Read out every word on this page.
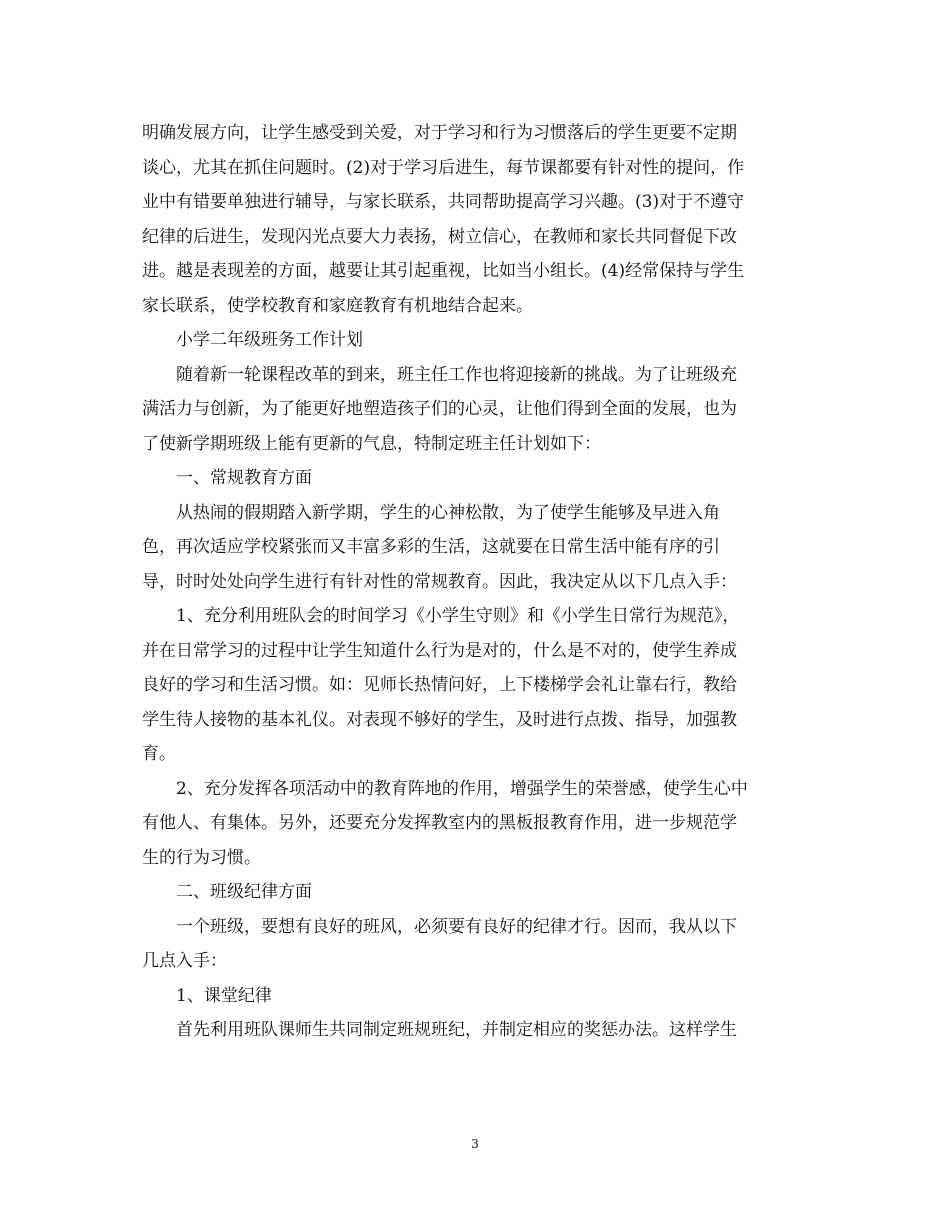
明确发展方向，让学生感受到关爱，对于学习和行为习惯落后的学生更要不定期
谈心，尤其在抓住问题时。(2)对于学习后进生，每节课都要有针对性的提问，作
业中有错要单独进行辅导，与家长联系，共同帮助提高学习兴趣。(3)对于不遵守
纪律的后进生，发现闪光点要大力表扬，树立信心，在教师和家长共同督促下改
进。越是表现差的方面，越要让其引起重视，比如当小组长。(4)经常保持与学生
家长联系，使学校教育和家庭教育有机地结合起来。
小学二年级班务工作计划
随着新一轮课程改革的到来，班主任工作也将迎接新的挑战。为了让班级充
满活力与创新，为了能更好地塑造孩子们的心灵，让他们得到全面的发展，也为
了使新学期班级上能有更新的气息，特制定班主任计划如下：
一、常规教育方面
从热闹的假期踏入新学期，学生的心神松散，为了使学生能够及早进入角
色，再次适应学校紧张而又丰富多彩的生活，这就要在日常生活中能有序的引
导，时时处处向学生进行有针对性的常规教育。因此，我决定从以下几点入手：
1、充分利用班队会的时间学习《小学生守则》和《小学生日常行为规范》，
并在日常学习的过程中让学生知道什么行为是对的，什么是不对的，使学生养成
良好的学习和生活习惯。如：见师长热情问好，上下楼梯学会礼让靠右行，教给
学生待人接物的基本礼仪。对表现不够好的学生，及时进行点拨、指导，加强教
育。
2、充分发挥各项活动中的教育阵地的作用，增强学生的荣誉感，使学生心中
有他人、有集体。另外，还要充分发挥教室内的黑板报教育作用，进一步规范学
生的行为习惯。
二、班级纪律方面
一个班级，要想有良好的班风，必须要有良好的纪律才行。因而，我从以下
几点入手：
1、课堂纪律
首先利用班队课师生共同制定班规班纪，并制定相应的奖惩办法。这样学生
3
